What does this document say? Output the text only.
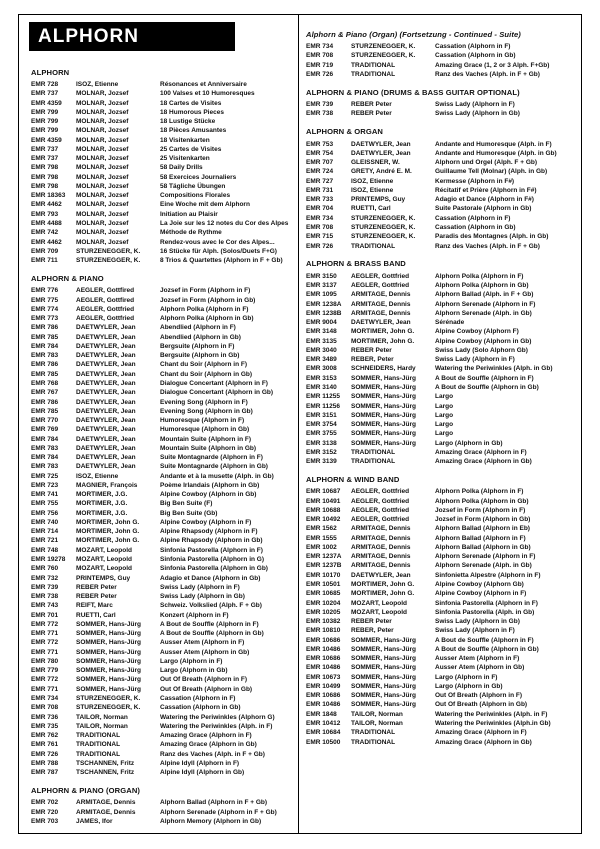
ALPHORN
ALPHORN
EMR 728	ISOZ, Etienne	Résonances et Anniversaire
EMR 737	MOLNAR, Jozsef	100 Valses et 10 Humoresques
EMR 4359	MOLNAR, Jozsef	18 Cartes de Visites
EMR 799	MOLNAR, Jozsef	18 Humorous Pieces
EMR 799	MOLNAR, Jozsef	18 Lustige Stücke
EMR 799	MOLNAR, Jozsef	18 Pièces Amusantes
EMR 4359	MOLNAR, Jozsef	18 Visitenkarten
EMR 737	MOLNAR, Jozsef	25 Cartes de Visites
EMR 737	MOLNAR, Jozsef	25 Visitenkarten
EMR 798	MOLNAR, Jozsef	58 Daily Drills
EMR 798	MOLNAR, Jozsef	58 Exercices Journaliers
EMR 798	MOLNAR, Jozsef	58 Tägliche Übungen
EMR 18363	MOLNAR, Jozsef	Compositions Florales
EMR 4462	MOLNAR, Jozsef	Eine Woche mit dem Alphorn
EMR 793	MOLNAR, Jozsef	Initiation au Plaisir
EMR 4488	MOLNAR, Jozsef	La Joie sur les 12 notes du Cor des Alpes
EMR 742	MOLNAR, Jozsef	Méthode de Rythme
EMR 4462	MOLNAR, Jozsef	Rendez-vous avec le Cor des Alpes...
EMR 709	STURZENEGGER, K.	16 Stücke für Alph. (Solos/Duets F+G)
EMR 711	STURZENEGGER, K.	8 Trios & Quartettes (Alphorn in F + Gb)
ALPHORN & PIANO
EMR 776	AEGLER, Gottfired	Jozsef in Form (Alphorn in F)
EMR 775	AEGLER, Gottfired	Jozsef in Form (Alphorn in Gb)
EMR 774	AEGLER, Gottfried	Alphorn Polka (Alphorn in F)
EMR 773	AEGLER, Gottfried	Alphorn Polka (Alphorn in Gb)
EMR 786	DAETWYLER, Jean	Abendlied (Alphorn in F)
EMR 785	DAETWYLER, Jean	Abendlied (Alphorn in Gb)
EMR 784	DAETWYLER, Jean	Bergsuite (Alphorn in F)
EMR 783	DAETWYLER, Jean	Bergsuite (Alphorn in Gb)
EMR 786	DAETWYLER, Jean	Chant du Soir (Alphorn in F)
EMR 785	DAETWYLER, Jean	Chant du Soir (Alphorn in Gb)
EMR 768	DAETWYLER, Jean	Dialogue Concertant (Alphorn in F)
EMR 767	DAETWYLER, Jean	Dialogue Concertant (Alphorn in Gb)
EMR 786	DAETWYLER, Jean	Evening Song (Alphorn in F)
EMR 785	DAETWYLER, Jean	Evening Song (Alphorn in Gb)
EMR 770	DAETWYLER, Jean	Humoresque (Alphorn in F)
EMR 769	DAETWYLER, Jean	Humoresque (Alphorn in Gb)
EMR 784	DAETWYLER, Jean	Mountain Suite (Alphorn in F)
EMR 783	DAETWYLER, Jean	Mountain Suite (Alphorn in Gb)
EMR 784	DAETWYLER, Jean	Suite Montagnarde (Alphorn in F)
EMR 783	DAETWYLER, Jean	Suite Montagnarde (Alphorn in Gb)
EMR 725	ISOZ, Etienne	Andante et à la musette (Alph. in Gb)
EMR 723	MAGNIER, François	Poème Irlandais (Alphorn in Gb)
EMR 741	MORTIMER, J.G.	Alpine Cowboy (Alphorn in Gb)
EMR 755	MORTIMER, J.G.	Big Ben Suite (F)
EMR 756	MORTIMER, J.G.	Big Ben Suite (Gb)
EMR 740	MORTIMER, John G.	Alpine Cowboy (Alphorn in F)
EMR 714	MORTIMER, John G.	Alpine Rhapsody (Alphorn in F)
EMR 721	MORTIMER, John G.	Alpine Rhapsody (Alphorn in Gb)
EMR 748	MOZART, Leopold	Sinfonia Pastorella (Alphorn in F)
EMR 19278	MOZART, Leopold	Sinfonia Pastorella (Alphorn in G)
EMR 760	MOZART, Leopold	Sinfonia Pastorella (Alphorn in Gb)
EMR 732	PRINTEMPS, Guy	Adagio et Dance (Alphorn in Gb)
EMR 739	REBER Peter	Swiss Lady (Alphorn in F)
EMR 738	REBER Peter	Swiss Lady (Alphorn in Gb)
EMR 743	REIFT, Marc	Schweiz. Volkslied (Alph. F + Gb)
EMR 701	RUETTI, Carl	Konzert (Alphorn in F)
EMR 772	SOMMER, Hans-Jürg	A Bout de Souffle (Alphorn in F)
EMR 771	SOMMER, Hans-Jürg	A Bout de Souffle (Alphorn in Gb)
EMR 772	SOMMER, Hans-Jürg	Ausser Atem (Alphorn in F)
EMR 771	SOMMER, Hans-Jürg	Ausser Atem (Alphorn in Gb)
EMR 780	SOMMER, Hans-Jürg	Largo (Alphorn in F)
EMR 779	SOMMER, Hans-Jürg	Largo (Alphorn in Gb)
EMR 772	SOMMER, Hans-Jürg	Out Of Breath (Alphorn in F)
EMR 771	SOMMER, Hans-Jürg	Out Of Breath (Alphorn in Gb)
EMR 734	STURZENEGGER, K.	Cassation (Alphorn in F)
EMR 708	STURZENEGGER, K.	Cassation (Alphorn in Gb)
EMR 736	TAILOR, Norman	Watering the Periwinkles (Alphorn G)
EMR 735	TAILOR, Norman	Watering the Periwinkles (Alph. in F)
EMR 762	TRADITIONAL	Amazing Grace (Alphorn in F)
EMR 761	TRADITIONAL	Amazing Grace (Alphorn in Gb)
EMR 726	TRADITIONAL	Ranz des Vaches (Alph. in F + Gb)
EMR 788	TSCHANNEN, Fritz	Alpine Idyll (Alphorn in F)
EMR 787	TSCHANNEN, Fritz	Alpine Idyll (Alphorn in Gb)
ALPHORN & PIANO (ORGAN)
EMR 702	ARMITAGE, Dennis	Alphorn Ballad (Alphorn in F + Gb)
EMR 720	ARMITAGE, Dennis	Alphorn Serenade (Alphorn in F + Gb)
EMR 703	JAMES, Ifor	Alphorn Memory (Alphorn in Gb)
Alphorn & Piano (Organ) (Fortsetzung - Continued - Suite)
EMR 734	STURZENEGGER, K.	Cassation (Alphorn in F)
EMR 708	STURZENEGGER, K.	Cassation (Alphorn in Gb)
EMR 719	TRADITIONAL	Amazing Grace (1, 2 or 3 Alph. F+Gb)
EMR 726	TRADITIONAL	Ranz des Vaches (Alph. in F + Gb)
ALPHORN & PIANO (DRUMS & BASS GUITAR OPTIONAL)
EMR 739	REBER Peter	Swiss Lady (Alphorn in F)
EMR 738	REBER Peter	Swiss Lady (Alphorn in Gb)
ALPHORN & ORGAN
EMR 753	DAETWYLER, Jean	Andante and Humoresque (Alph. in F)
EMR 754	DAETWYLER, Jean	Andante and Humoresque (Alph. in Gb)
EMR 707	GLEISSNER, W.	Alphorn und Orgel (Alph. F + Gb)
EMR 724	GRETY, André E. M.	Guillaume Tell (Molnar) (Alph. in Gb)
EMR 727	ISOZ, Etienne	Kermesse (Alphorn in F#)
EMR 731	ISOZ, Etienne	Récitatif et Prière (Alphorn in F#)
EMR 733	PRINTEMPS, Guy	Adagio et Dance (Alphorn in F#)
EMR 704	RUETTI, Carl	Suite Pastorale (Alphorn in Gb)
EMR 734	STURZENEGGER, K.	Cassation (Alphorn in F)
EMR 708	STURZENEGGER, K.	Cassation (Alphorn in Gb)
EMR 715	STURZENEGGER, K.	Paradis des Montagnes (Alph. in Gb)
EMR 726	TRADITIONAL	Ranz des Vaches (Alph. in F + Gb)
ALPHORN & BRASS BAND
EMR 3150	AEGLER, Gottfried	Alphorn Polka (Alphorn in F)
EMR 3137	AEGLER, Gottfried	Alphorn Polka (Alphorn in Gb)
EMR 1095	ARMITAGE, Dennis	Alphorn Ballad (Alph. in F + Gb)
EMR 1238A	ARMITAGE, Dennis	Alphorn Serenade (Alphorn in F)
EMR 1238B	ARMITAGE, Dennis	Alphorn Serenade (Alph. in Gb)
EMR 9004	DAETWYLER, Jean	Sérénade
EMR 3148	MORTIMER, John G.	Alpine Cowboy (Alphorn F)
EMR 3135	MORTIMER, John G.	Alpine Cowboy (Alphorn in Gb)
EMR 3040	REBER Peter	Swiss Lady (Solo Alphorn Gb)
EMR 3489	REBER, Peter	Swiss Lady (Alphorn in F)
EMR 3008	SCHNEIDERS, Hardy	Watering the Periwinkles (Alph. in Gb)
EMR 3153	SOMMER, Hans-Jürg	A Bout de Souffle (Alphorn in F)
EMR 3140	SOMMER, Hans-Jürg	A Bout de Souffle (Alphorn in Gb)
EMR 11255	SOMMER, Hans-Jürg	Largo
EMR 11256	SOMMER, Hans-Jürg	Largo
EMR 3151	SOMMER, Hans-Jürg	Largo
EMR 3754	SOMMER, Hans-Jürg	Largo
EMR 3755	SOMMER, Hans-Jürg	Largo
EMR 3138	SOMMER, Hans-Jürg	Largo (Alphorn in Gb)
EMR 3152	TRADITIONAL	Amazing Grace (Alphorn in F)
EMR 3139	TRADITIONAL	Amazing Grace (Alphorn in Gb)
ALPHORN & WIND BAND
EMR 10687	AEGLER, Gottfried	Alphorn Polka (Alphorn in F)
EMR 10491	AEGLER, Gottfried	Alphorn Polka (Alphorn in Gb)
EMR 10688	AEGLER, Gottfried	Jozsef in Form (Alphorn in F)
EMR 10492	AEGLER, Gottfried	Jozsef in Form (Alphorn in Gb)
EMR 1562	ARMITAGE, Dennis	Alphorn Ballad (Alphorn in Eb)
EMR 1555	ARMITAGE, Dennis	Alphorn Ballad (Alphorn in F)
EMR 1002	ARMITAGE, Dennis	Alphorn Ballad (Alphorn in Gb)
EMR 1237A	ARMITAGE, Dennis	Alphorn Serenade (Alphorn in F)
EMR 1237B	ARMITAGE, Dennis	Alphorn Serenade (Alph. in Gb)
EMR 10170	DAETWYLER, Jean	Sinfonietta Alpestre (Alphorn in F)
EMR 10501	MORTIMER, John G.	Alpine Cowboy (Alphorn Gb)
EMR 10685	MORTIMER, John G.	Alpine Cowboy (Alphorn in F)
EMR 10204	MOZART, Leopold	Sinfonia Pastorella (Alphorn in F)
EMR 10205	MOZART, Leopold	Sinfonia Pastorella (Alph. in Gb)
EMR 10382	REBER Peter	Swiss Lady (Alphorn in Gb)
EMR 10810	REBER, Peter	Swiss Lady (Alphorn in F)
EMR 10686	SOMMER, Hans-Jürg	A Bout de Souffle (Alphorn in F)
EMR 10486	SOMMER, Hans-Jürg	A Bout de Souffle (Alphorn in Gb)
EMR 10686	SOMMER, Hans-Jürg	Ausser Atem (Alphorn in F)
EMR 10486	SOMMER, Hans-Jürg	Ausser Atem (Alphorn in Gb)
EMR 10673	SOMMER, Hans-Jürg	Largo (Alphorn in F)
EMR 10499	SOMMER, Hans-Jürg	Largo (Alphorn in Gb)
EMR 10686	SOMMER, Hans-Jürg	Out Of Breath (Alphorn in F)
EMR 10486	SOMMER, Hans-Jürg	Out Of Breath (Alphorn in Gb)
EMR 1848	TAILOR, Norman	Watering the Periwinkles (Alph. in F)
EMR 10412	TAILOR, Norman	Watering the Periwinkles (Alph.in Gb)
EMR 10684	TRADITIONAL	Amazing Grace (Alphorn in F)
EMR 10500	TRADITIONAL	Amazing Grace (Alphorn in Gb)
